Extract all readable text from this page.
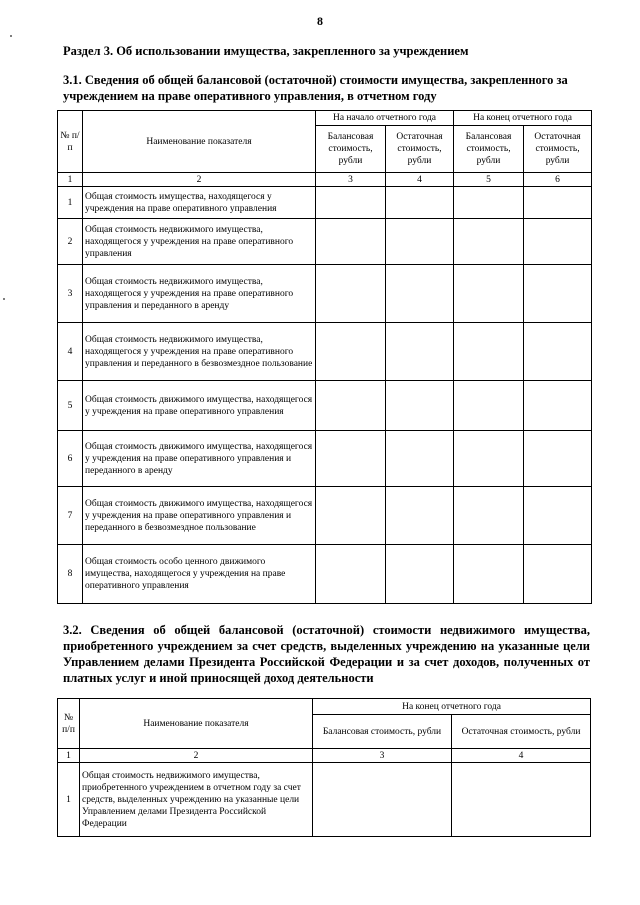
8
Раздел 3. Об использовании имущества, закрепленного за учреждением
3.1. Сведения об общей балансовой (остаточной) стоимости имущества, закрепленного за учреждением на праве оперативного управления, в отчетном году
№ п/п	Наименование показателя	На начало отчетного года		На конец отчетного года	
		Балансовая стоимость, рубли	Остаточная стоимость, рубли	Балансовая стоимость, рубли	Остаточная стоимость, рубли
1	2	3	4	5	6
1	Общая стоимость имущества, находящегося у учреждения на праве оперативного управления				
2	Общая стоимость недвижимого имущества, находящегося у учреждения на праве оперативного управления				
3	Общая стоимость недвижимого имущества, находящегося у учреждения на праве оперативного управления и переданного в аренду				
4	Общая стоимость недвижимого имущества, находящегося у учреждения на праве оперативного управления и переданного в безвозмездное пользование				
5	Общая стоимость движимого имущества, находящегося у учреждения на праве оперативного управления				
6	Общая стоимость движимого имущества, находящегося у учреждения на праве оперативного управления и переданного в аренду				
7	Общая стоимость движимого имущества, находящегося у учреждения на праве оперативного управления и переданного в безвозмездное пользование				
8	Общая стоимость особо ценного движимого имущества, находящегося у учреждения на праве оперативного управления				
3.2. Сведения об общей балансовой (остаточной) стоимости недвижимого имущества, приобретенного учреждением за счет средств, выделенных учреждению на указанные цели Управлением делами Президента Российской Федерации и за счет доходов, полученных от платных услуг и иной приносящей доход деятельности
№ п/п	Наименование показателя	На конец отчетного года	
		Балансовая стоимость, рубли	Остаточная стоимость, рубли
1	2	3	4
1	Общая стоимость недвижимого имущества, приобретенного учреждением в отчетном году за счет средств, выделенных учреждению на указанные цели Управлением делами Президента Российской Федерации		
